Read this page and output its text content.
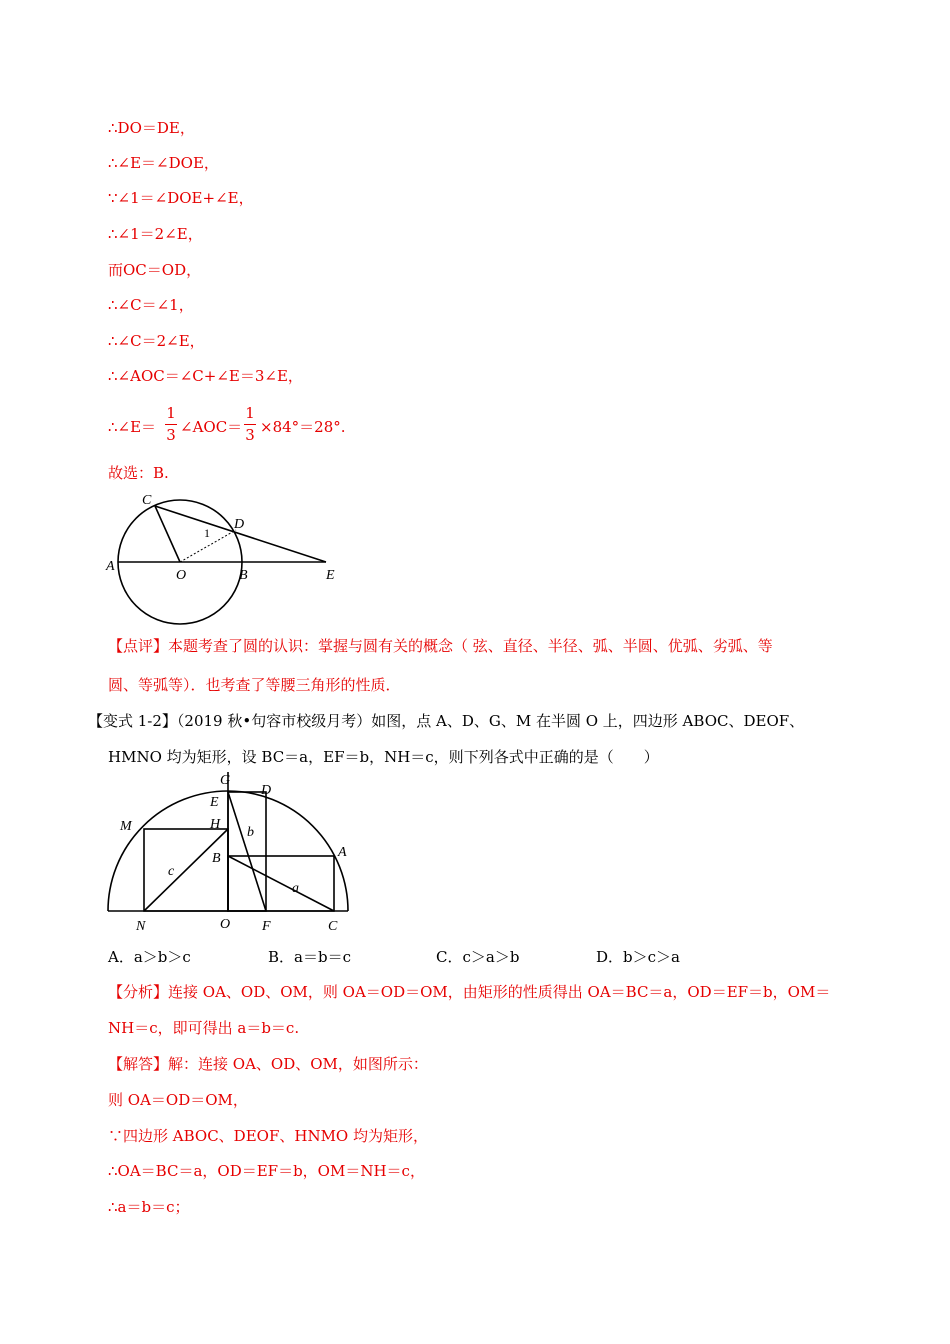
∴DO＝DE，
∴∠E＝∠DOE，
∵∠1＝∠DOE+∠E，
∴∠1＝2∠E，
而OC＝OD，
∴∠C＝∠1，
∴∠C＝2∠E，
∴∠AOC＝∠C+∠E＝3∠E，
∴∠E＝
1
3 ∠AOC＝
1
3 ×84°＝28°.
故选：B.
C
D
1
A
O	B	E
【点评】本题考查了圆的认识：掌握与圆有关的概念（ 弦、直径、半径、弧、半圆、优弧、劣弧、等
圆、等弧等）．也考查了等腰三角形的性质．
【变式 1-2】（2019 秋•句容市校级月考）如图，点 A、D、G、M 在半圆 O 上，四边形 ABOC、DEOF、
HMNO 均为矩形，设 BC＝a，EF＝b，NH＝c，则下列各式中正确的是（　　）
G
D
E
M	H
b
B	A
c
a
N	O F	C
A．a＞b＞c	B．a＝b＝c	C．c＞a＞b	D．b＞c＞a
【分析】连接 OA、OD、OM，则 OA＝OD＝OM，由矩形的性质得出 OA＝BC＝a，OD＝EF＝b，OM＝
NH＝c，即可得出 a＝b＝c.
【解答】解：连接 OA、OD、OM，如图所示：
则 OA＝OD＝OM，
∵四边形 ABOC、DEOF、HNMO 均为矩形，
∴OA＝BC＝a，OD＝EF＝b，OM＝NH＝c，
∴a＝b＝c；
